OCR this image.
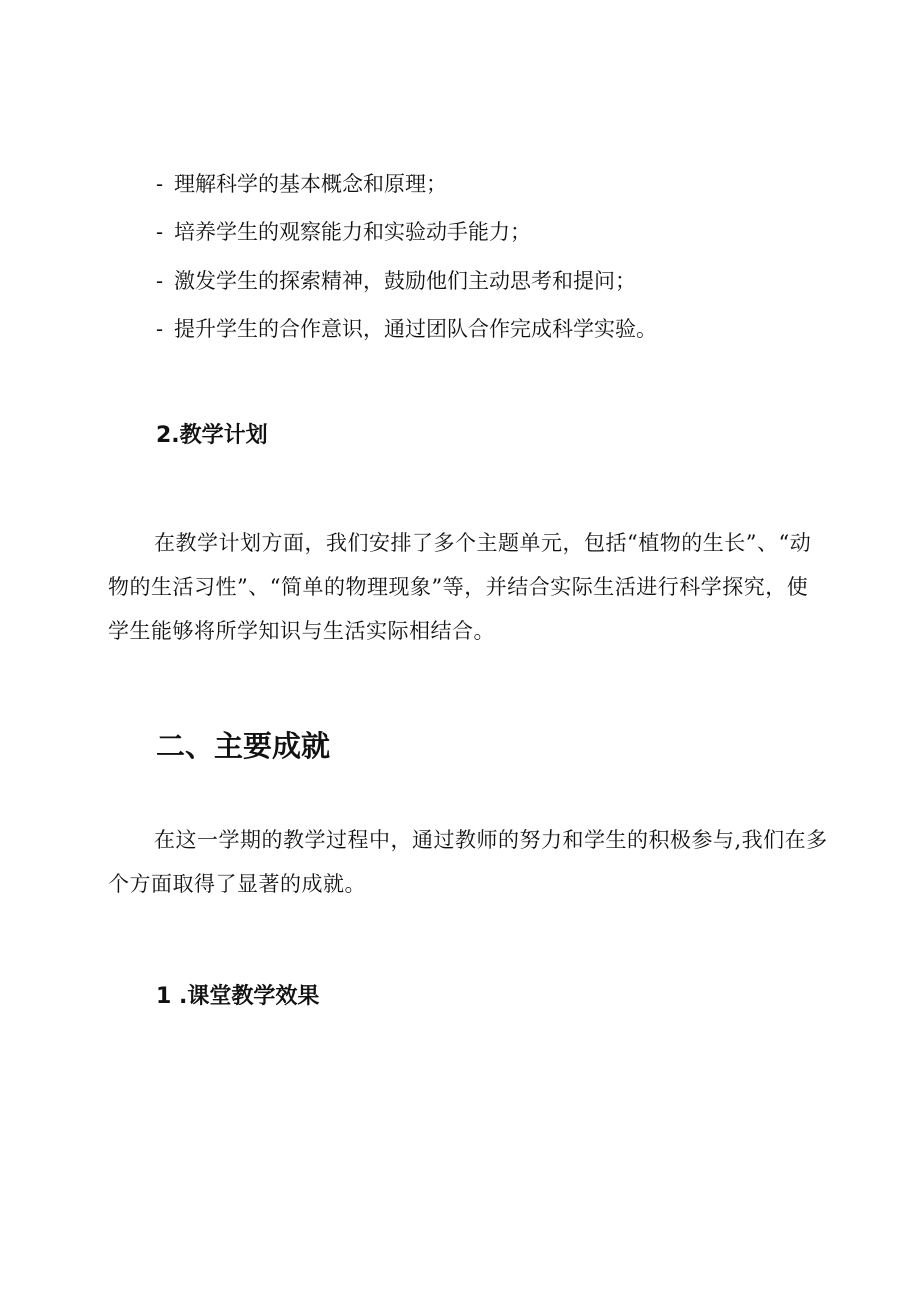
- 理解科学的基本概念和原理；
- 培养学生的观察能力和实验动手能力；
- 激发学生的探索精神，鼓励他们主动思考和提问；
- 提升学生的合作意识，通过团队合作完成科学实验。
2.教学计划
在教学计划方面，我们安排了多个主题单元，包括“植物的生长”、“动物的生活习性”、“简单的物理现象”等，并结合实际生活进行科学探究，使学生能够将所学知识与生活实际相结合。
二、主要成就
在这一学期的教学过程中，通过教师的努力和学生的积极参与,我们在多个方面取得了显著的成就。
1 .课堂教学效果
